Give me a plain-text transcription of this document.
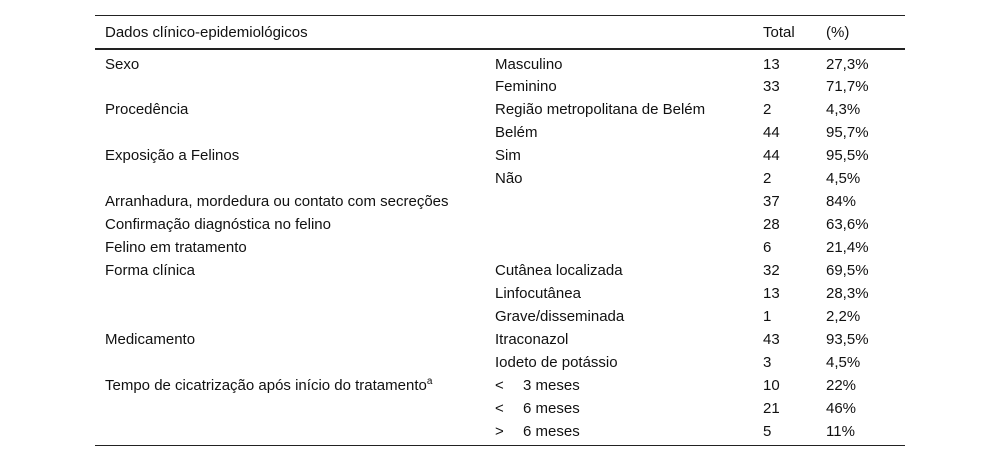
Dados clínico-epidemiológicos		Total	(%)
Sexo	Masculino	13	27,3%
	Feminino	33	71,7%
Procedência	Região metropolitana de Belém	2	4,3%
	Belém	44	95,7%
Exposição a Felinos	Sim	44	95,5%
	Não	2	4,5%
Arranhadura, mordedura ou contato com secreções		37	84%
Confirmação diagnóstica no felino		28	63,6%
Felino em tratamento		6	21,4%
Forma clínica	Cutânea localizada	32	69,5%
	Linfocutânea	13	28,3%
	Grave/disseminada	1	2,2%
Medicamento	Itraconazol	43	93,5%
	Iodeto de potássio	3	4,5%
Tempo de cicatrização após início do tratamento$^a$	< 3 meses	10	22%
	< 6 meses	21	46%
	> 6 meses	5	11%
